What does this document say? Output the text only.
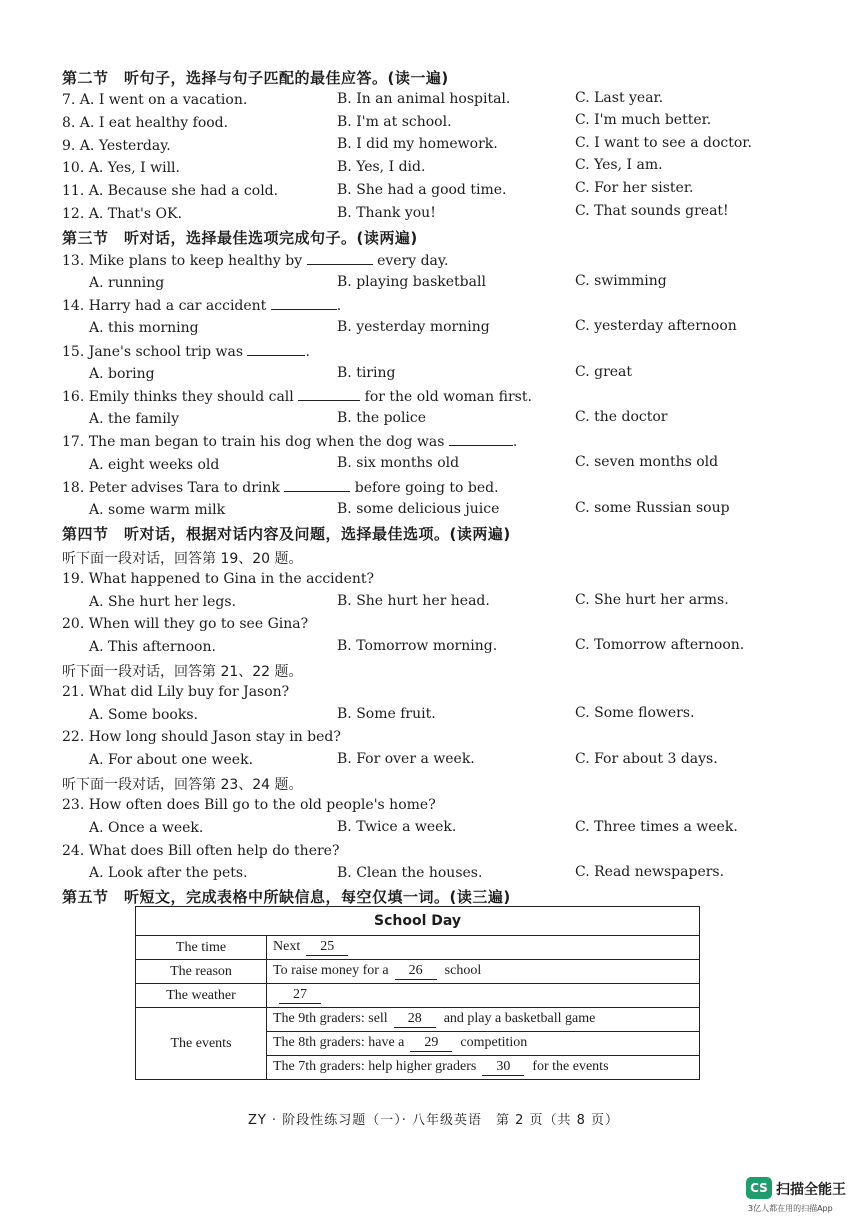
第二节　听句子，选择与句子匹配的最佳应答。(读一遍)
7. A. I went on a vacation.	B. In an animal hospital.	C. Last year.
8. A. I eat healthy food.	B. I'm at school.	C. I'm much better.
9. A. Yesterday.	B. I did my homework.	C. I want to see a doctor.
10. A. Yes, I will.	B. Yes, I did.	C. Yes, I am.
11. A. Because she had a cold.	B. She had a good time.	C. For her sister.
12. A. That's OK.	B. Thank you!	C. That sounds great!
第三节　听对话，选择最佳选项完成句子。(读两遍)
13. Mike plans to keep healthy by	every day.
A. running	B. playing basketball	C. swimming
14. Harry had a car accident	.
A. this morning	B. yesterday morning	C. yesterday afternoon
15. Jane's school trip was	.
A. boring	B. tiring	C. great
16. Emily thinks they should call	for the old woman first.
A. the family	B. the police	C. the doctor
17. The man began to train his dog when the dog was	.
A. eight weeks old	B. six months old	C. seven months old
18. Peter advises Tara to drink	before going to bed.
A. some warm milk	B. some delicious juice	C. some Russian soup
第四节　听对话，根据对话内容及问题，选择最佳选项。(读两遍)
听下面一段对话，回答第 19、20 题。
19. What happened to Gina in the accident?
A. She hurt her legs.	B. She hurt her head.	C. She hurt her arms.
20. When will they go to see Gina?
A. This afternoon.	B. Tomorrow morning.	C. Tomorrow afternoon.
听下面一段对话，回答第 21、22 题。
21. What did Lily buy for Jason?
A. Some books.	B. Some fruit.	C. Some flowers.
22. How long should Jason stay in bed?
A. For about one week.	B. For over a week.	C. For about 3 days.
听下面一段对话，回答第 23、24 题。
23. How often does Bill go to the old people's home?
A. Once a week.	B. Twice a week.	C. Three times a week.
24. What does Bill often help do there?
A. Look after the pets.	B. Clean the houses.	C. Read newspapers.
第五节　听短文，完成表格中所缺信息，每空仅填一词。(读三遍)
School Day	
The time	Next 25
The reason	To raise money for a 26 school
The weather	27
The events	The 9th graders: sell 28 and play a basketball game
	The 8th graders: have a 29 competition
	The 7th graders: help higher graders 30 for the events
ZY · 阶段性练习题（一）· 八年级英语　第 2 页（共 8 页）
CS 扫描全能王
3亿人都在用的扫描App
